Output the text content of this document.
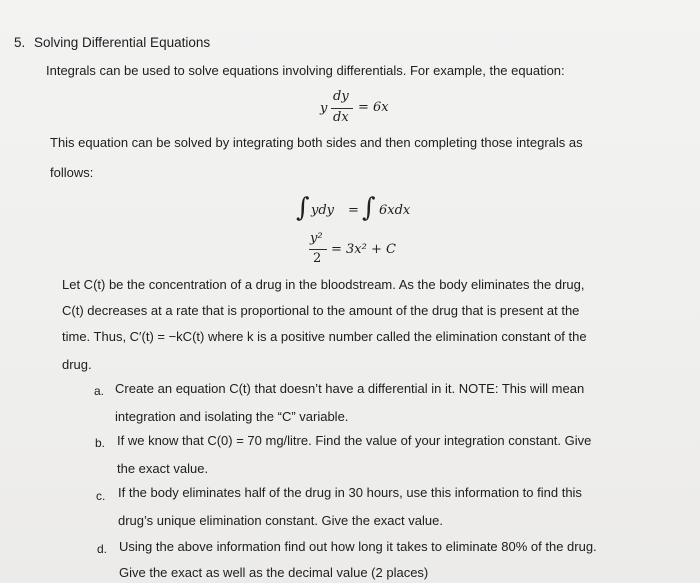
5. Solving Differential Equations
Integrals can be used to solve equations involving differentials. For example, the equation:
y
dy
dx
= 6x
This equation can be solved by integrating both sides and then completing those integrals as
follows:
∫ ydy = ∫ 6xdx
y²
2
= 3x² + C
Let C(t) be the concentration of a drug in the bloodstream. As the body eliminates the drug,
C(t) decreases at a rate that is proportional to the amount of the drug that is present at the
time. Thus, C′(t) = −kC(t) where k is a positive number called the elimination constant of the
drug.
a. Create an equation C(t) that doesn’t have a differential in it. NOTE: This will mean
integration and isolating the “C” variable.
b. If we know that C(0) = 70 mg/litre. Find the value of your integration constant. Give
the exact value.
c. If the body eliminates half of the drug in 30 hours, use this information to find this
drug’s unique elimination constant. Give the exact value.
d. Using the above information find out how long it takes to eliminate 80% of the drug.
Give the exact as well as the decimal value (2 places)
